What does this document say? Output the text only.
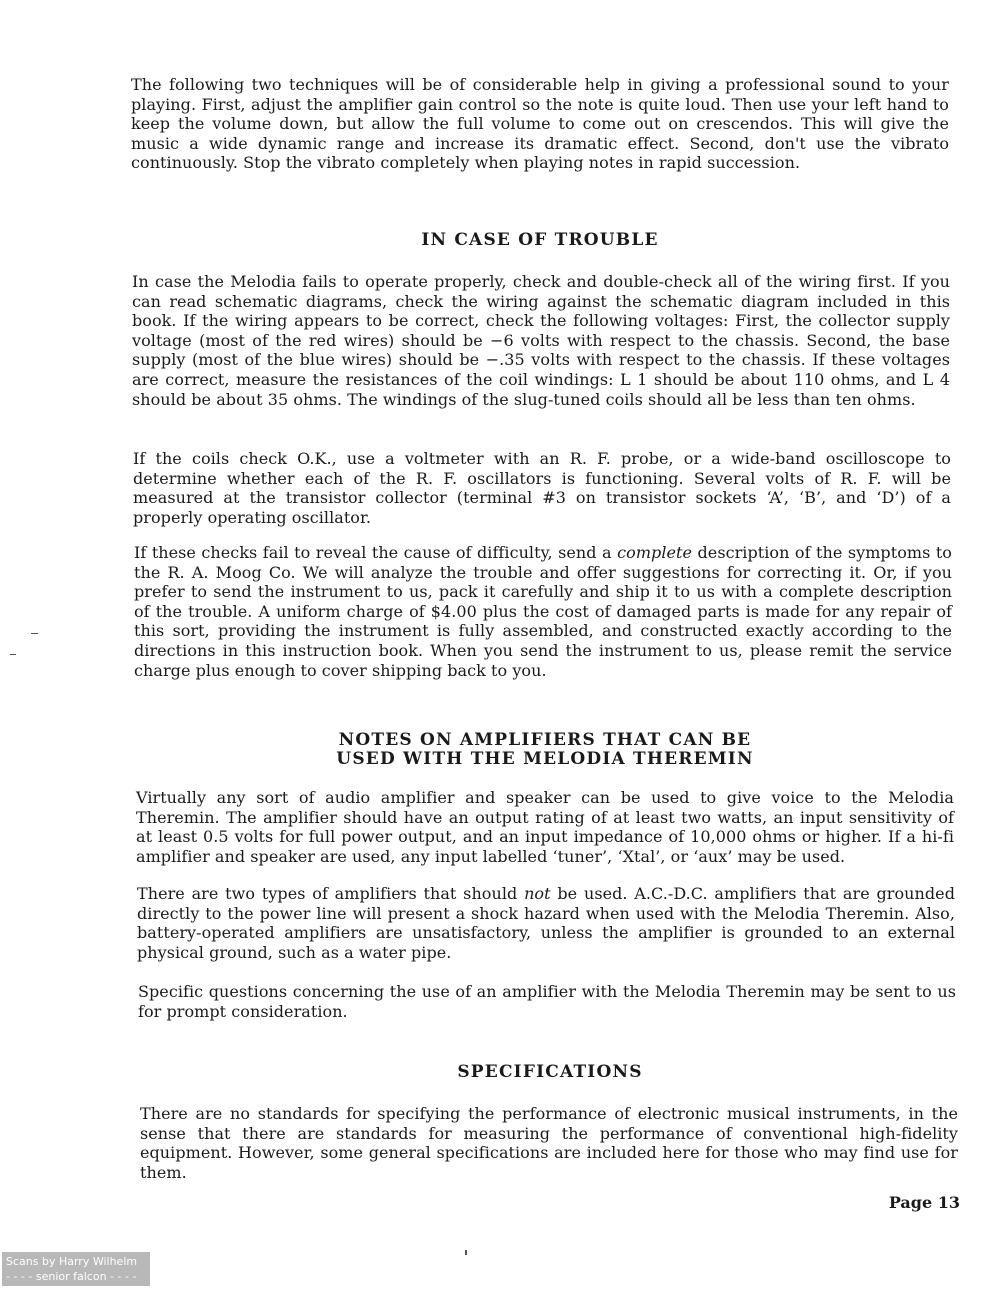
The following two techniques will be of considerable help in giving a professional sound to your playing. First, adjust the amplifier gain control so the note is quite loud. Then use your left hand to keep the volume down, but allow the full volume to come out on crescendos. This will give the music a wide dynamic range and increase its dramatic effect. Second, don't use the vibrato continuously. Stop the vibrato completely when playing notes in rapid succession.

IN CASE OF TROUBLE

In case the Melodia fails to operate properly, check and double-check all of the wiring first. If you can read schematic diagrams, check the wiring against the schematic diagram included in this book. If the wiring appears to be correct, check the following voltages: First, the collector supply voltage (most of the red wires) should be −6 volts with respect to the chassis. Second, the base supply (most of the blue wires) should be −.35 volts with respect to the chassis. If these voltages are correct, measure the resistances of the coil windings: L 1 should be about 110 ohms, and L 4 should be about 35 ohms. The windings of the slug-tuned coils should all be less than ten ohms.

If the coils check O.K., use a voltmeter with an R. F. probe, or a wide-band oscilloscope to determine whether each of the R. F. oscillators is functioning. Several volts of R. F. will be measured at the transistor collector (terminal #3 on transistor sockets ‘A’, ‘B’, and ‘D’) of a properly operating oscillator.

If these checks fail to reveal the cause of difficulty, send a complete description of the symptoms to the R. A. Moog Co. We will analyze the trouble and offer suggestions for correcting it. Or, if you prefer to send the instrument to us, pack it carefully and ship it to us with a complete description of the trouble. A uniform charge of $4.00 plus the cost of damaged parts is made for any repair of this sort, providing the instrument is fully assembled, and constructed exactly according to the directions in this instruction book. When you send the instrument to us, please remit the service charge plus enough to cover shipping back to you.

NOTES ON AMPLIFIERS THAT CAN BE
USED WITH THE MELODIA THEREMIN

Virtually any sort of audio amplifier and speaker can be used to give voice to the Melodia Theremin. The amplifier should have an output rating of at least two watts, an input sensitivity of at least 0.5 volts for full power output, and an input impedance of 10,000 ohms or higher. If a hi-fi amplifier and speaker are used, any input labelled ‘tuner’, ‘Xtal’, or ‘aux’ may be used.

There are two types of amplifiers that should not be used. A.C.-D.C. amplifiers that are grounded directly to the power line will present a shock hazard when used with the Melodia Theremin. Also, battery-operated amplifiers are unsatisfactory, unless the amplifier is grounded to an external physical ground, such as a water pipe.

Specific questions concerning the use of an amplifier with the Melodia Theremin may be sent to us for prompt consideration.

SPECIFICATIONS

There are no standards for specifying the performance of electronic musical instruments, in the sense that there are standards for measuring the performance of conventional high-fidelity equipment. However, some general specifications are included here for those who may find use for them.

Page 13
Scans by Harry Wilhelm
- - - - senior falcon - - - -
